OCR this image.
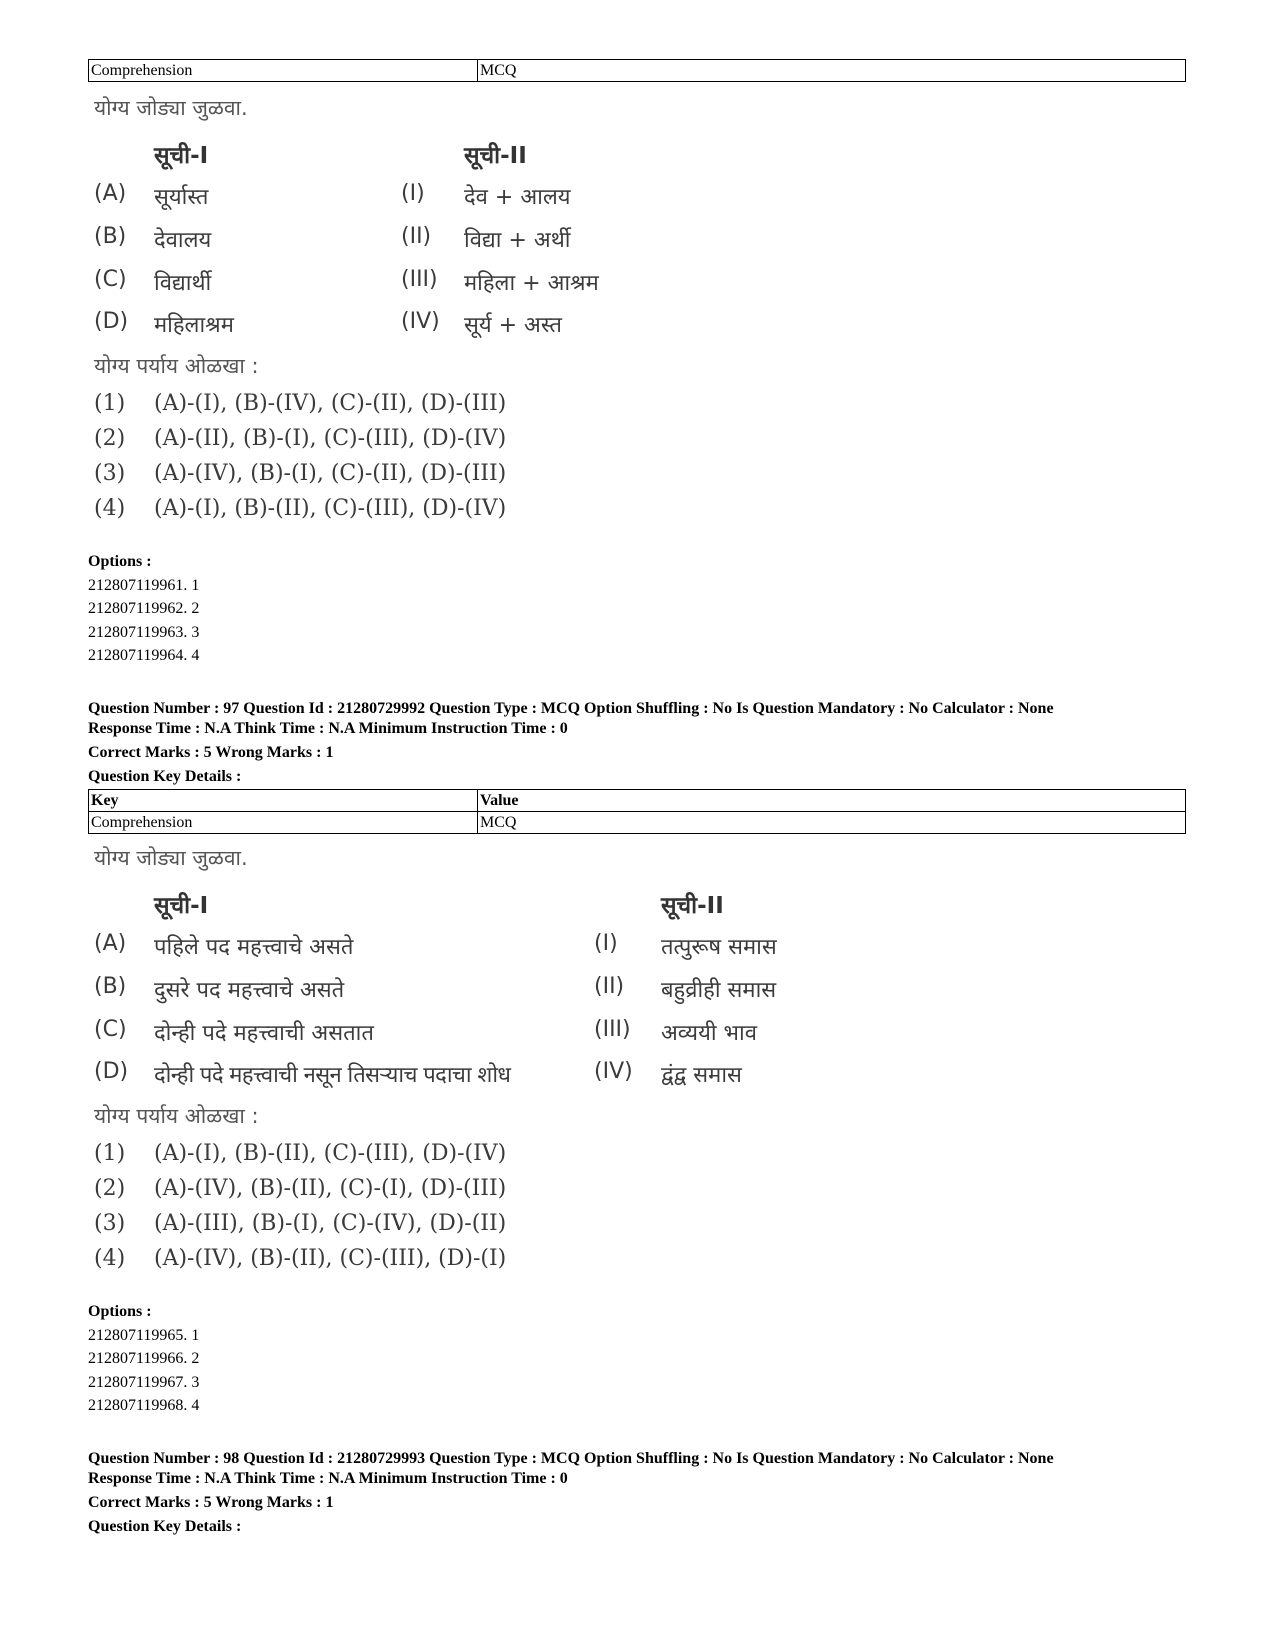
Comprehension	MCQ
योग्य जोड्या जुळवा.
सूची-I	सूची-II
(A) सूर्यास्त	(I) देव + आलय
(B) देवालय	(II) विद्या + अर्थी
(C) विद्यार्थी	(III) महिला + आश्रम
(D) महिलाश्रम	(IV) सूर्य + अस्त
योग्य पर्याय ओळखा :
(1) (A)-(I), (B)-(IV), (C)-(II), (D)-(III)
(2) (A)-(II), (B)-(I), (C)-(III), (D)-(IV)
(3) (A)-(IV), (B)-(I), (C)-(II), (D)-(III)
(4) (A)-(I), (B)-(II), (C)-(III), (D)-(IV)
Options :
212807119961. 1
212807119962. 2
212807119963. 3
212807119964. 4
Question Number : 97 Question Id : 21280729992 Question Type : MCQ Option Shuffling : No Is Question Mandatory : No Calculator : None
Response Time : N.A Think Time : N.A Minimum Instruction Time : 0
Correct Marks : 5 Wrong Marks : 1
Question Key Details :
Key	Value
Comprehension	MCQ
योग्य जोड्या जुळवा.
सूची-I	सूची-II
(A) पहिले पद महत्त्वाचे असते	(I) तत्पुरूष समास
(B) दुसरे पद महत्त्वाचे असते	(II) बहुव्रीही समास
(C) दोन्ही पदे महत्त्वाची असतात	(III) अव्ययी भाव
(D) दोन्ही पदे महत्त्वाची नसून तिसऱ्याच पदाचा शोध	(IV) द्वंद्व समास
योग्य पर्याय ओळखा :
(1) (A)-(I), (B)-(II), (C)-(III), (D)-(IV)
(2) (A)-(IV), (B)-(II), (C)-(I), (D)-(III)
(3) (A)-(III), (B)-(I), (C)-(IV), (D)-(II)
(4) (A)-(IV), (B)-(II), (C)-(III), (D)-(I)
Options :
212807119965. 1
212807119966. 2
212807119967. 3
212807119968. 4
Question Number : 98 Question Id : 21280729993 Question Type : MCQ Option Shuffling : No Is Question Mandatory : No Calculator : None
Response Time : N.A Think Time : N.A Minimum Instruction Time : 0
Correct Marks : 5 Wrong Marks : 1
Question Key Details :
